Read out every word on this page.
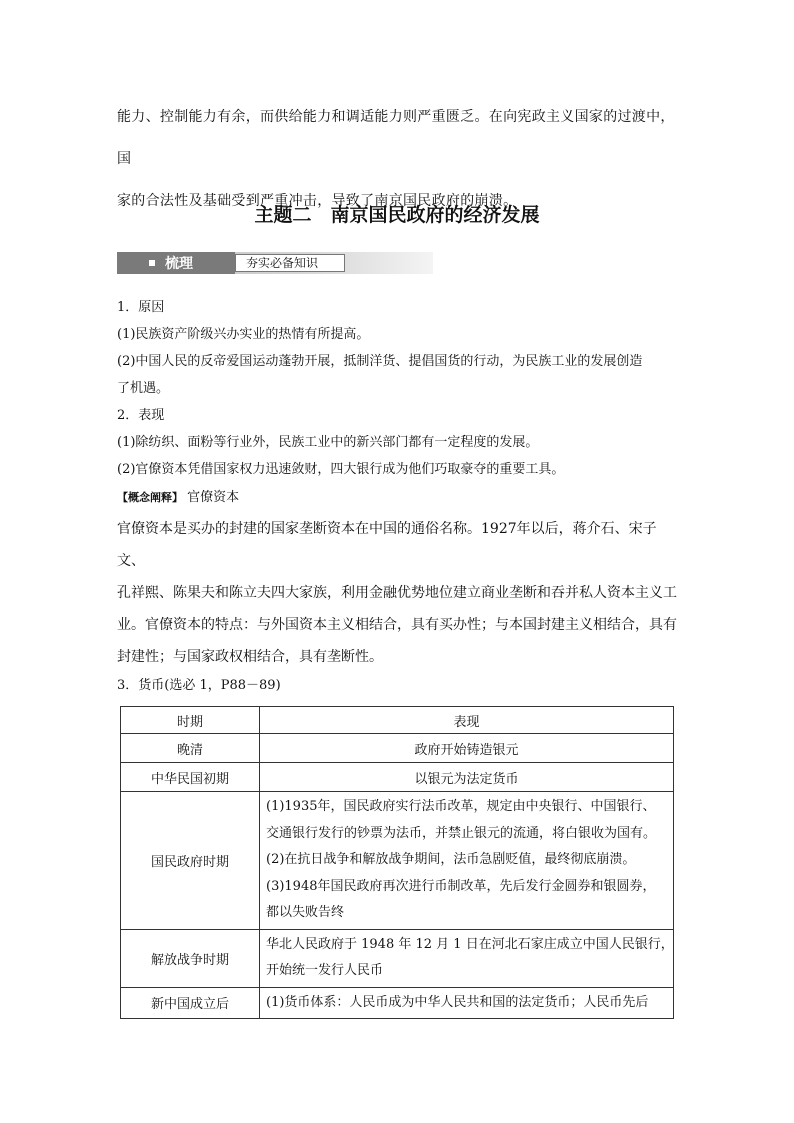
能力、控制能力有余，而供给能力和调适能力则严重匮乏。在向宪政主义国家的过渡中，国

家的合法性及基础受到严重冲击，导致了南京国民政府的崩溃。

主题二　南京国民政府的经济发展
梳理	夯实必备知识

1．原因

(1)民族资产阶级兴办实业的热情有所提高。

(2)中国人民的反帝爱国运动蓬勃开展，抵制洋货、提倡国货的行动，为民族工业的发展创造

了机遇。

2．表现

(1)除纺织、面粉等行业外，民族工业中的新兴部门都有一定程度的发展。

(2)官僚资本凭借国家权力迅速敛财，四大银行成为他们巧取豪夺的重要工具。

【概念阐释】 官僚资本

官僚资本是买办的封建的国家垄断资本在中国的通俗名称。1927年以后，蒋介石、宋子文、

孔祥熙、陈果夫和陈立夫四大家族，利用金融优势地位建立商业垄断和吞并私人资本主义工

业。官僚资本的特点：与外国资本主义相结合，具有买办性；与本国封建主义相结合，具有

封建性；与国家政权相结合，具有垄断性。

3．货币(选必 1，P88－89)
时期	表现
晚清	政府开始铸造银元
中华民国初期	以银元为法定货币
国民政府时期	(1)1935年，国民政府实行法币改革，规定由中央银行、中国银行、
交通银行发行的钞票为法币，并禁止银元的流通，将白银收为国有。
(2)在抗日战争和解放战争期间，法币急剧贬值，最终彻底崩溃。
(3)1948年国民政府再次进行币制改革，先后发行金圆券和银圆券，
都以失败告终

解放战争时期	华北人民政府于 1948 年 12 月 1 日在河北石家庄成立中国人民银行，
开始统一发行人民币

新中国成立后	(1)货币体系：人民币成为中华人民共和国的法定货币；人民币先后
